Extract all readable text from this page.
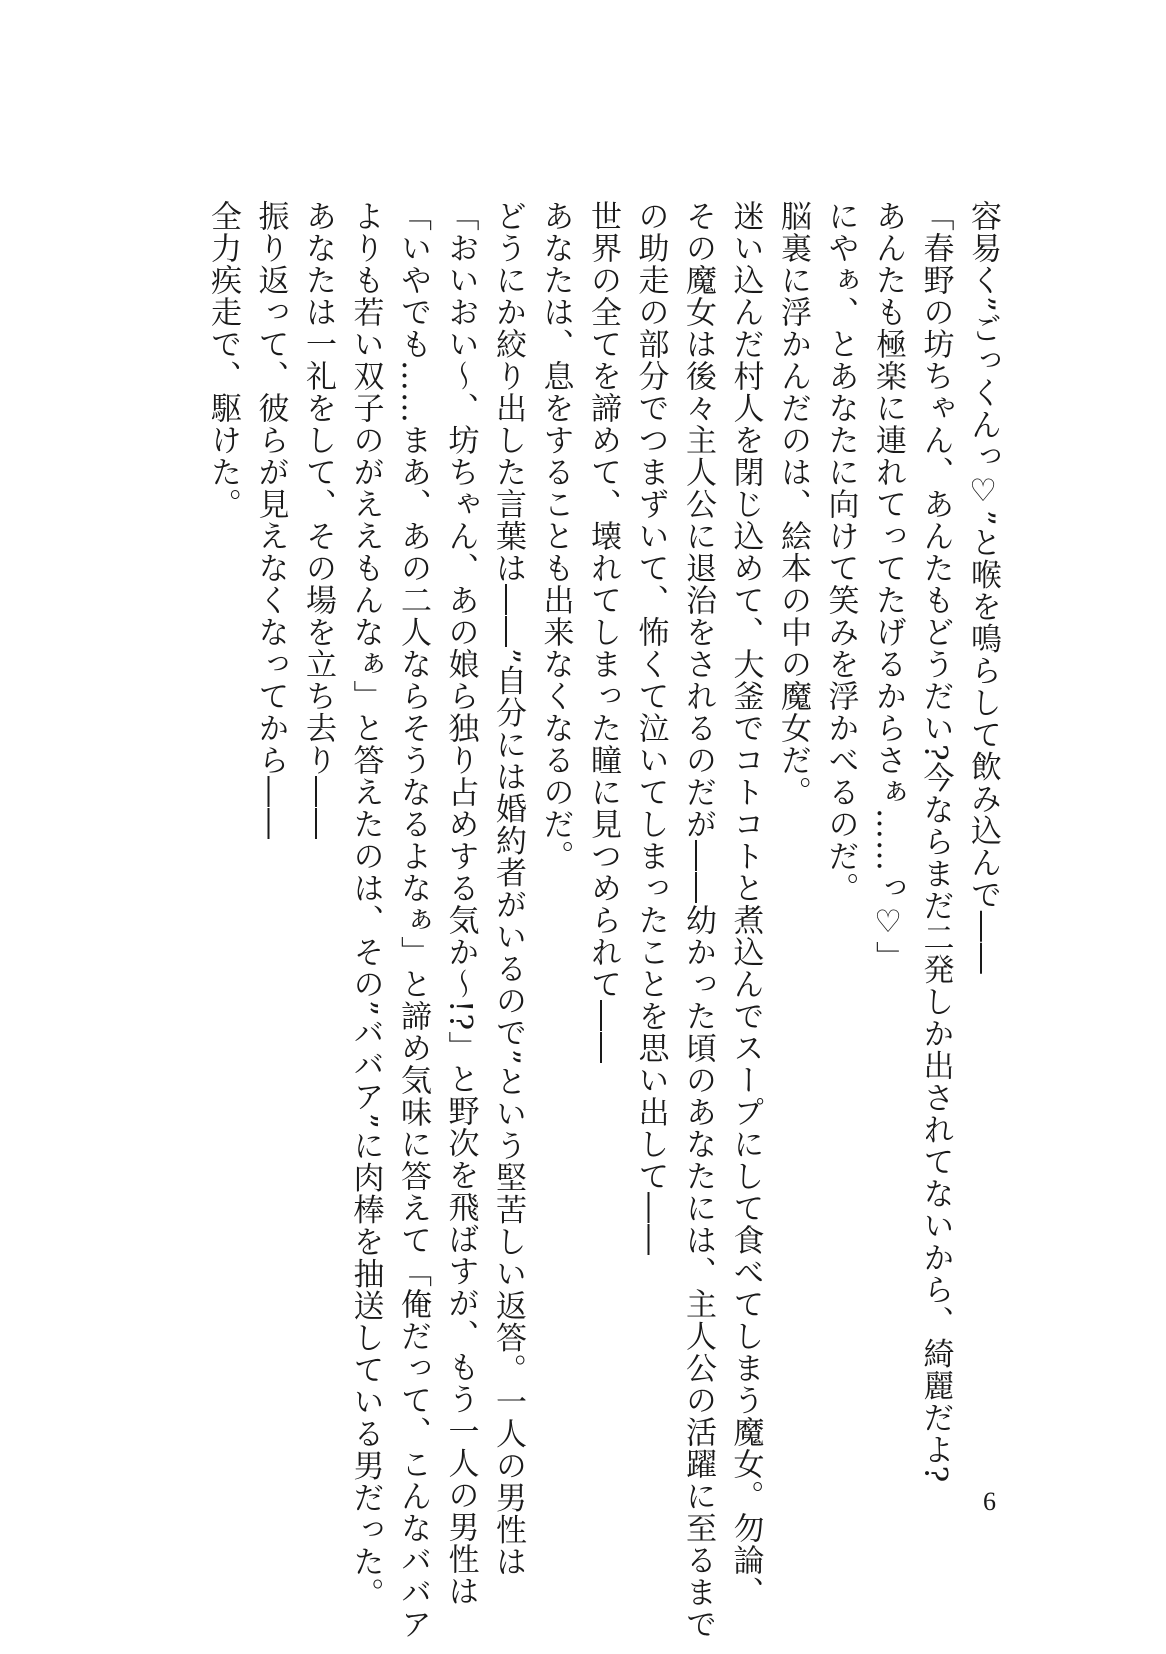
容易く”ごっくんっ♡”と喉を鳴らして飲み込んで――
「春野の坊ちゃん、あんたもどうだい?今ならまだ二発しか出されてないから、綺麗だよ?
あんたも極楽に連れてってたげるからさぁ……っ♡」
にやぁ、とあなたに向けて笑みを浮かべるのだ。
脳裏に浮かんだのは、絵本の中の魔女だ。
迷い込んだ村人を閉じ込めて、大釜でコトコトと煮込んでスープにして食べてしまう魔女。勿論、
その魔女は後々主人公に退治をされるのだが――幼かった頃のあなたには、主人公の活躍に至るまで
の助走の部分でつまずいて、怖くて泣いてしまったことを思い出して――
世界の全てを諦めて、壊れてしまった瞳に見つめられて――
あなたは、息をすることも出来なくなるのだ。
どうにか絞り出した言葉は――”自分には婚約者がいるので”という堅苦しい返答。一人の男性は
「おいおい〜、坊ちゃん、あの娘ら独り占めする気か〜!?」と野次を飛ばすが、もう一人の男性は
「いやでも……まあ、あの二人ならそうなるよなぁ」と諦め気味に答えて「俺だって、こんなババア
よりも若い双子のがええもんなぁ」と答えたのは、その”ババア”に肉棒を抽送している男だった。
あなたは一礼をして、その場を立ち去り――
振り返って、彼らが見えなくなってから――
全力疾走で、駆けた。
6
